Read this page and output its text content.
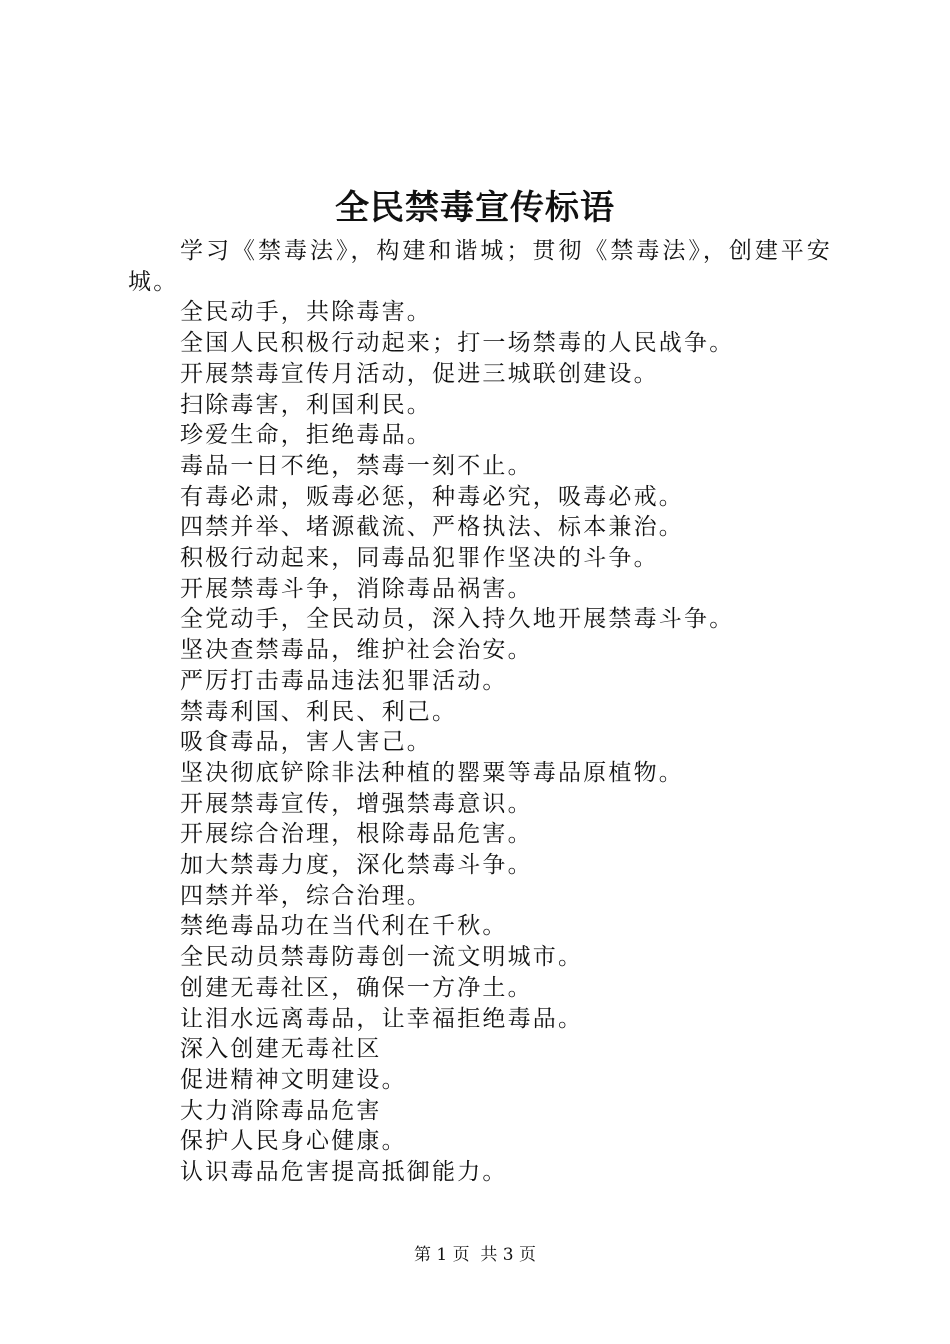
全民禁毒宣传标语

学习《禁毒法》，构建和谐城；贯彻《禁毒法》，创建平安城。

全民动手，共除毒害。

全国人民积极行动起来；打一场禁毒的人民战争。

开展禁毒宣传月活动，促进三城联创建设。

扫除毒害，利国利民。

珍爱生命，拒绝毒品。

毒品一日不绝，禁毒一刻不止。

有毒必肃，贩毒必惩，种毒必究，吸毒必戒。

四禁并举、堵源截流、严格执法、标本兼治。

积极行动起来，同毒品犯罪作坚决的斗争。

开展禁毒斗争，消除毒品祸害。

全党动手，全民动员，深入持久地开展禁毒斗争。

坚决查禁毒品，维护社会治安。

严厉打击毒品违法犯罪活动。

禁毒利国、利民、利己。

吸食毒品，害人害己。

坚决彻底铲除非法种植的罂粟等毒品原植物。

开展禁毒宣传，增强禁毒意识。

开展综合治理，根除毒品危害。

加大禁毒力度，深化禁毒斗争。

四禁并举，综合治理。

禁绝毒品功在当代利在千秋。

全民动员禁毒防毒创一流文明城市。

创建无毒社区，确保一方净土。

让泪水远离毒品，让幸福拒绝毒品。

深入创建无毒社区

促进精神文明建设。

大力消除毒品危害

保护人民身心健康。

认识毒品危害提高抵御能力。

第 1 页 共 3 页
